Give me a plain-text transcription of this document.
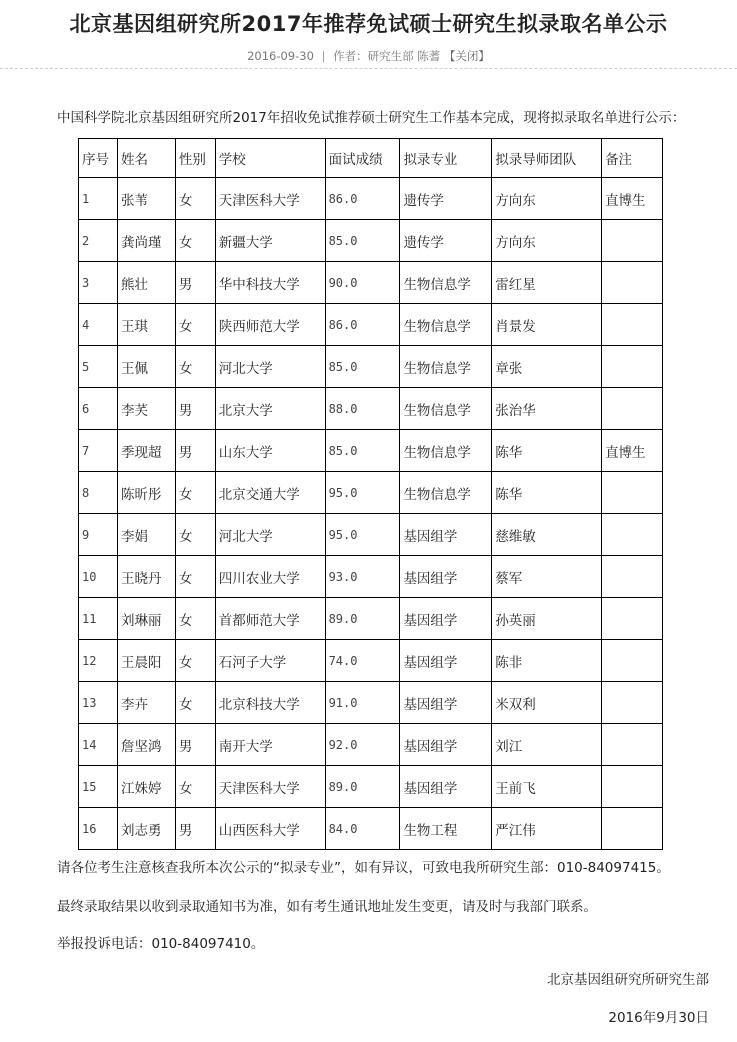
北京基因组研究所2017年推荐免试硕士研究生拟录取名单公示
2016-09-30 | 作者：研究生部 陈蓍 【关闭】
中国科学院北京基因组研究所2017年招收免试推荐硕士研究生工作基本完成，现将拟录取名单进行公示：
序号	姓名	性别	学校	面试成绩	拟录专业	拟录导师团队	备注
1	张苇	女	天津医科大学	86.0	遗传学	方向东	直博生
2	龚尚瑾	女	新疆大学	85.0	遗传学	方向东	
3	熊壮	男	华中科技大学	90.0	生物信息学	雷红星	
4	王琪	女	陕西师范大学	86.0	生物信息学	肖景发	
5	王佩	女	河北大学	85.0	生物信息学	章张	
6	李芺	男	北京大学	88.0	生物信息学	张治华	
7	季现超	男	山东大学	85.0	生物信息学	陈华	直博生
8	陈昕彤	女	北京交通大学	95.0	生物信息学	陈华	
9	李娟	女	河北大学	95.0	基因组学	慈维敏	
10	王晓丹	女	四川农业大学	93.0	基因组学	蔡军	
11	刘琳丽	女	首都师范大学	89.0	基因组学	孙英丽	
12	王晨阳	女	石河子大学	74.0	基因组学	陈非	
13	李卉	女	北京科技大学	91.0	基因组学	米双利	
14	詹坚鸿	男	南开大学	92.0	基因组学	刘江	
15	江姝婷	女	天津医科大学	89.0	基因组学	王前飞	
16	刘志勇	男	山西医科大学	84.0	生物工程	严江伟	
请各位考生注意核查我所本次公示的“拟录专业”，如有异议，可致电我所研究生部：010-84097415。
最终录取结果以收到录取通知书为准，如有考生通讯地址发生变更，请及时与我部门联系。
举报投诉电话：010-84097410。
北京基因组研究所研究生部
2016年9月30日
